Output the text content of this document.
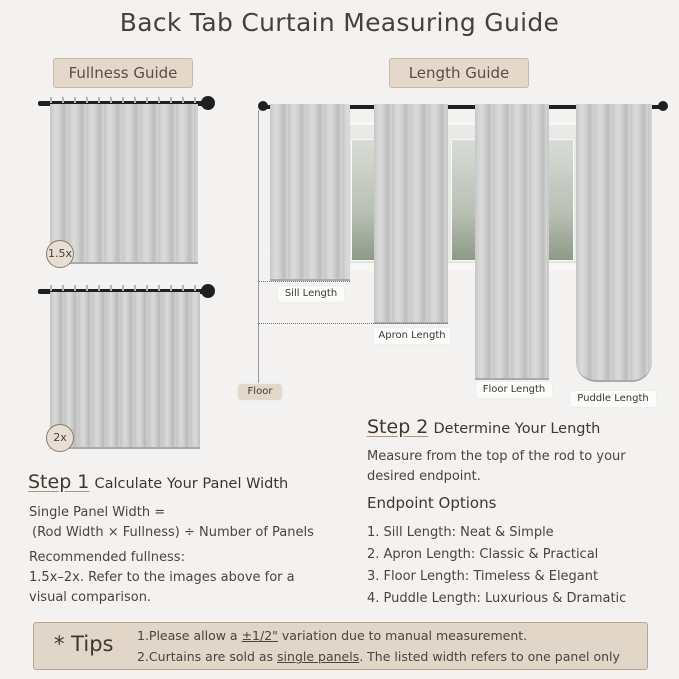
Back Tab Curtain Measuring Guide
Fullness Guide
1.5x
2x
Length Guide
Sill Length
Apron Length
Floor	Floor Length
Puddle Length
Step 2 Determine Your Length
Measure from the top of the rod to your
desired endpoint.
Endpoint Options
1. Sill Length: Neat & Simple
2. Apron Length: Classic & Practical
3. Floor Length: Timeless & Elegant
4. Puddle Length: Luxurious & Dramatic
Step 1 Calculate Your Panel Width
Single Panel Width =
(Rod Width × Fullness) ÷ Number of Panels
Recommended fullness:
1.5x–2x. Refer to the images above for a
visual comparison.
* Tips 1.Please allow a ±1/2" variation due to manual measurement.
2.Curtains are sold as single panels. The listed width refers to one panel only
